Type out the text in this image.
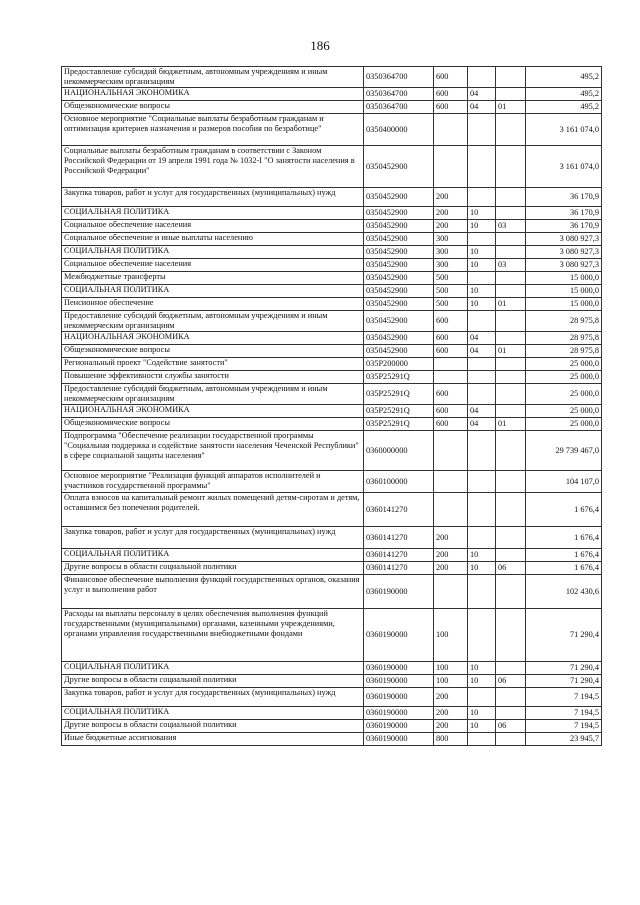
186
Предоставление субсидий бюджетным, автономным учреждениям и иным некоммерческим организациям	0350364700	600			495,2
НАЦИОНАЛЬНАЯ ЭКОНОМИКА	0350364700	600	04		495,2
Общеэкономические вопросы	0350364700	600	04	01	495,2
Основное мероприятие "Социальные выплаты безработным гражданам и оптимизация критериев назначения и размеров пособия по безработице"	0350400000				3 161 074,0
Социальные выплаты безработным гражданам в соответствии с Законом Российской Федерации от 19 апреля 1991 года № 1032-I "О занятости населения в Российской Федерации"	0350452900				3 161 074,0
Закупка товаров, работ и услуг для государственных (муниципальных) нужд	0350452900	200			36 170,9
СОЦИАЛЬНАЯ ПОЛИТИКА	0350452900	200	10		36 170,9
Социальное обеспечение населения	0350452900	200	10	03	36 170,9
Социальное обеспечение и иные выплаты населению	0350452900	300			3 080 927,3
СОЦИАЛЬНАЯ ПОЛИТИКА	0350452900	300	10		3 080 927,3
Социальное обеспечение населения	0350452900	300	10	03	3 080 927,3
Межбюджетные трансферты	0350452900	500			15 000,0
СОЦИАЛЬНАЯ ПОЛИТИКА	0350452900	500	10		15 000,0
Пенсионное обеспечение	0350452900	500	10	01	15 000,0
Предоставление субсидий бюджетным, автономным учреждениям и иным некоммерческим организациям	0350452900	600			28 975,8
НАЦИОНАЛЬНАЯ ЭКОНОМИКА	0350452900	600	04		28 975,8
Общеэкономические вопросы	0350452900	600	04	01	28 975,8
Региональный проект "Содействие занятости"	035P200000				25 000,0
Повышение эффективности службы занятости	035P25291Q				25 000,0
Предоставление субсидий бюджетным, автономным учреждениям и иным некоммерческим организациям	035P25291Q	600			25 000,0
НАЦИОНАЛЬНАЯ ЭКОНОМИКА	035P25291Q	600	04		25 000,0
Общеэкономические вопросы	035P25291Q	600	04	01	25 000,0
Подпрограмма "Обеспечение реализации государственной программы "Социальная поддержка и содействие занятости населения Чеченской Республики" в сфере социальной защиты населения"	0360000000				29 739 467,0
Основное мероприятие "Реализация функций аппаратов исполнителей и участников государственной программы"	0360100000				104 107,0
Оплата взносов на капитальный ремонт жилых помещений детям-сиротам и детям, оставшимся без попечения родителей.	0360141270				1 676,4
Закупка товаров, работ и услуг для государственных (муниципальных) нужд	0360141270	200			1 676,4
СОЦИАЛЬНАЯ ПОЛИТИКА	0360141270	200	10		1 676,4
Другие вопросы в области социальной политики	0360141270	200	10	06	1 676,4
Финансовое обеспечение выполнения функций государственных органов, оказания услуг и выполнения работ	0360190000				102 430,6
Расходы на выплаты персоналу в целях обеспечения выполнения функций государственными (муниципальными) органами, казенными учреждениями, органами управления государственными внебюджетными фондами	0360190000	100			71 290,4
СОЦИАЛЬНАЯ ПОЛИТИКА	0360190000	100	10		71 290,4
Другие вопросы в области социальной политики	0360190000	100	10	06	71 290,4
Закупка товаров, работ и услуг для государственных (муниципальных) нужд	0360190000	200			7 194,5
СОЦИАЛЬНАЯ ПОЛИТИКА	0360190000	200	10		7 194,5
Другие вопросы в области социальной политики	0360190000	200	10	06	7 194,5
Иные бюджетные ассигнования	0360190000	800			23 945,7
